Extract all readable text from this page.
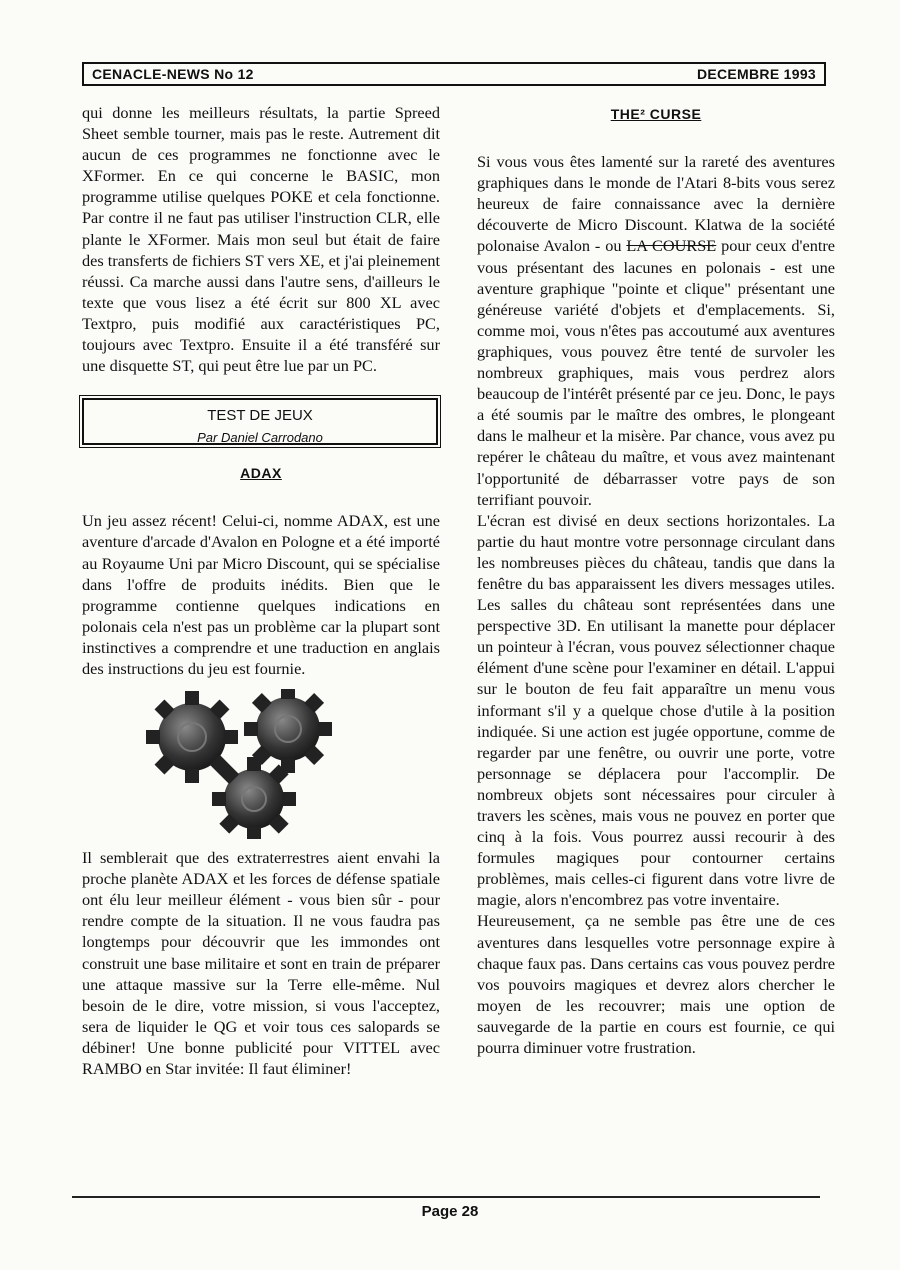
CENACLE-NEWS No 12	DECEMBRE 1993

qui donne les meilleurs résultats, la partie Spreed Sheet semble tourner, mais pas le reste. Autrement dit aucun de ces programmes ne fonctionne avec le XFormer. En ce qui concerne le BASIC, mon programme utilise quelques POKE et cela fonctionne. Par contre il ne faut pas utiliser l'instruction CLR, elle plante le XFormer. Mais mon seul but était de faire des transferts de fichiers ST vers XE, et j'ai pleinement réussi. Ca marche aussi dans l'autre sens, d'ailleurs le texte que vous lisez a été écrit sur 800 XL avec Textpro, puis modifié aux caractéristiques PC, toujours avec Textpro. Ensuite il a été transféré sur une disquette ST, qui peut être lue par un PC.

TEST DE JEUX
Par Daniel Carrodano
ADAX

Un jeu assez récent! Celui-ci, nomme ADAX, est une aventure d'arcade d'Avalon en Pologne et a été importé au Royaume Uni par Micro Discount, qui se spécialise dans l'offre de produits inédits. Bien que le programme contienne quelques indications en polonais cela n'est pas un problème car la plupart sont instinctives a comprendre et une traduction en anglais des instructions du jeu est fournie.

Il semblerait que des extraterrestres aient envahi la proche planète ADAX et les forces de défense spatiale ont élu leur meilleur élément - vous bien sûr - pour rendre compte de la situation. Il ne vous faudra pas longtemps pour découvrir que les immondes ont construit une base militaire et sont en train de préparer une attaque massive sur la Terre elle-même. Nul besoin de le dire, votre mission, si vous l'acceptez, sera de liquider le QG et voir tous ces salopards se débiner! Une bonne publicité pour VITTEL avec RAMBO en Star invitée: Il faut éliminer!

THE² CURSE

Si vous vous êtes lamenté sur la rareté des aventures graphiques dans le monde de l'Atari 8-bits vous serez heureux de faire connaissance avec la dernière découverte de Micro Discount. Klatwa de la société polonaise Avalon - ou LA COURSE pour ceux d'entre vous présentant des lacunes en polonais - est une aventure graphique "pointe et clique" présentant une généreuse variété d'objets et d'emplacements. Si, comme moi, vous n'êtes pas accoutumé aux aventures graphiques, vous pouvez être tenté de survoler les nombreux graphiques, mais vous perdrez alors beaucoup de l'intérêt présenté par ce jeu. Donc, le pays a été soumis par le maître des ombres, le plongeant dans le malheur et la misère. Par chance, vous avez pu repérer le château du maître, et vous avez maintenant l'opportunité de débarrasser votre pays de son terrifiant pouvoir.

L'écran est divisé en deux sections horizontales. La partie du haut montre votre personnage circulant dans les nombreuses pièces du château, tandis que dans la fenêtre du bas apparaissent les divers messages utiles. Les salles du château sont représentées dans une perspective 3D. En utilisant la manette pour déplacer un pointeur à l'écran, vous pouvez sélectionner chaque élément d'une scène pour l'examiner en détail. L'appui sur le bouton de feu fait apparaître un menu vous informant s'il y a quelque chose d'utile à la position indiquée. Si une action est jugée opportune, comme de regarder par une fenêtre, ou ouvrir une porte, votre personnage se déplacera pour l'accomplir. De nombreux objets sont nécessaires pour circuler à travers les scènes, mais vous ne pouvez en porter que cinq à la fois. Vous pourrez aussi recourir à des formules magiques pour contourner certains problèmes, mais celles-ci figurent dans votre livre de magie, alors n'encombrez pas votre inventaire.

Heureusement, ça ne semble pas être une de ces aventures dans lesquelles votre personnage expire à chaque faux pas. Dans certains cas vous pouvez perdre vos pouvoirs magiques et devrez alors chercher le moyen de les recouvrer; mais une option de sauvegarde de la partie en cours est fournie, ce qui pourra diminuer votre frustration.

Page 28
